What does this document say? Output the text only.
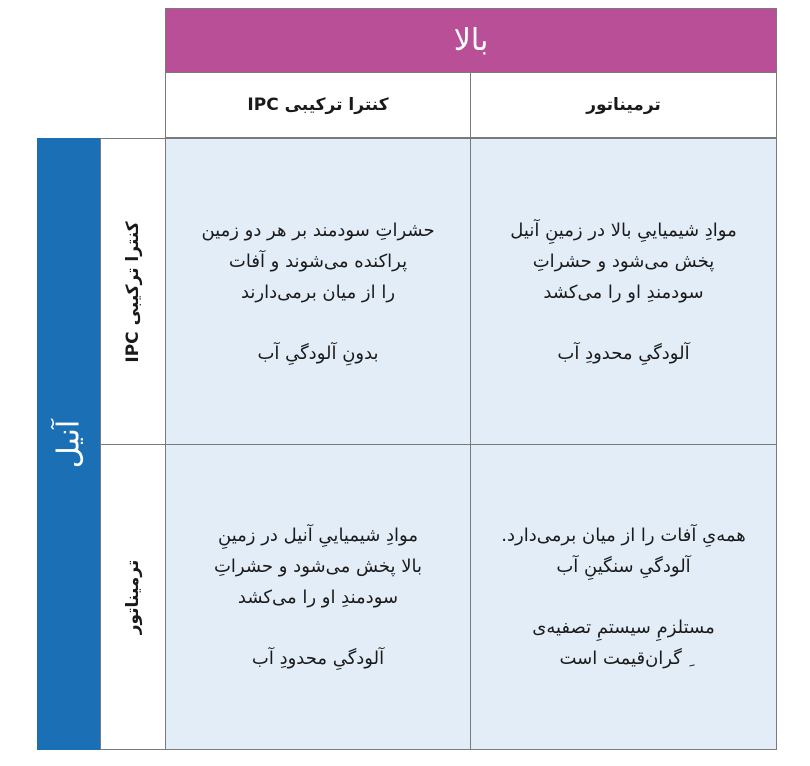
بالا
ترميناتور
کنترا ترکیبی IPC
آنیل
کنترا ترکیبی IPC
ترميناتور
موادِ شیمیاییِ بالا در زمینِ آنیل
پخش می‌شود و حشراتِ
سودمندِ او را می‌کشد
آلودگیِ محدودِ آب
حشراتِ سودمند بر هر دو زمین
پراکنده می‌شوند و آفات
را از میان برمی‌دارند
بدونِ آلودگیِ آب
همه‌یِ آفات را از میان برمی‌دارد.
آلودگیِ سنگینِ آب
مستلزمِ سیستمِ تصفیه‌ی
ِ گران‌قیمت است
موادِ شیمیاییِ آنیل در زمینِ
بالا پخش می‌شود و حشراتِ
سودمندِ او را می‌کشد
آلودگیِ محدودِ آب
